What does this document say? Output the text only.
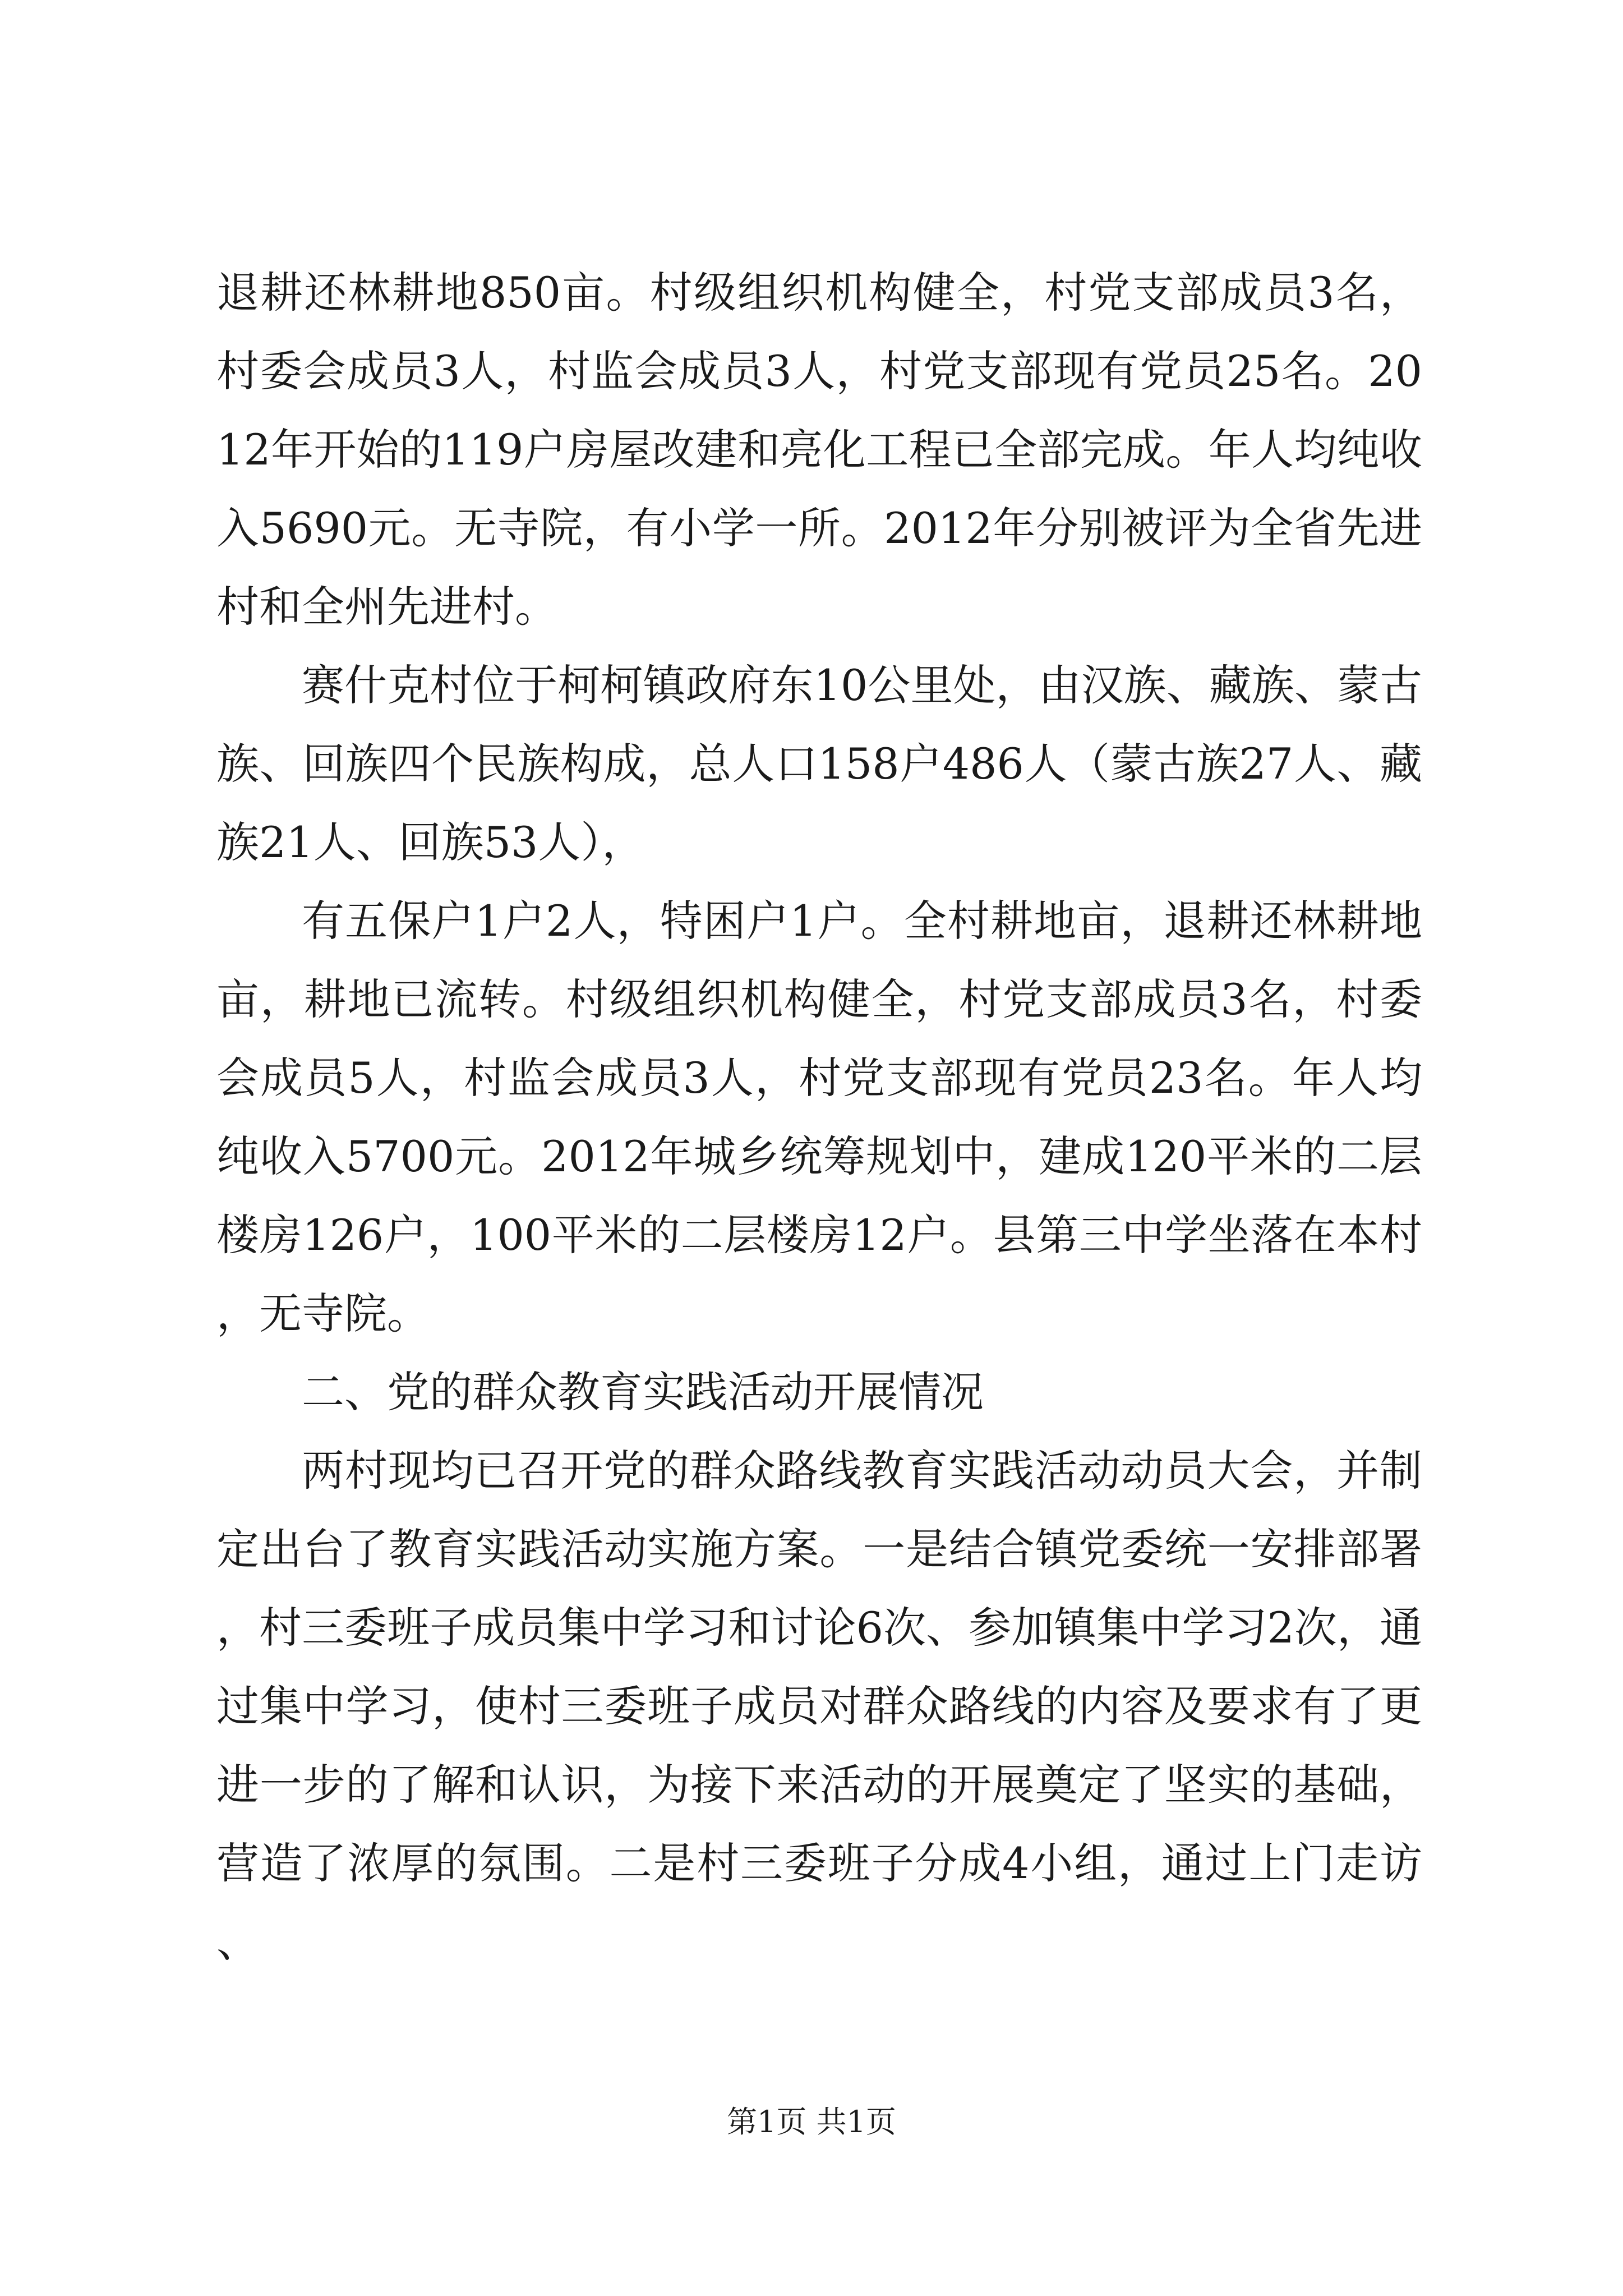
退耕还林耕地850亩。村级组织机构健全，村党支部成员3名，村委会成员3人，村监会成员3人，村党支部现有党员25名。2012年开始的119户房屋改建和亮化工程已全部完成。年人均纯收入5690元。无寺院，有小学一所。2012年分别被评为全省先进村和全州先进村。

赛什克村位于柯柯镇政府东10公里处，由汉族、藏族、蒙古族、回族四个民族构成，总人口158户486人（蒙古族27人、藏族21人、回族53人），

有五保户1户2人，特困户1户。全村耕地亩，退耕还林耕地亩，耕地已流转。村级组织机构健全，村党支部成员3名，村委会成员5人，村监会成员3人，村党支部现有党员23名。年人均纯收入5700元。2012年城乡统筹规划中，建成120平米的二层楼房126户，100平米的二层楼房12户。县第三中学坐落在本村，无寺院。

二、党的群众教育实践活动开展情况

两村现均已召开党的群众路线教育实践活动动员大会，并制定出台了教育实践活动实施方案。一是结合镇党委统一安排部署，村三委班子成员集中学习和讨论6次、参加镇集中学习2次，通过集中学习，使村三委班子成员对群众路线的内容及要求有了更进一步的了解和认识，为接下来活动的开展奠定了坚实的基础，营造了浓厚的氛围。二是村三委班子分成4小组，通过上门走访、

第1页 共1页
